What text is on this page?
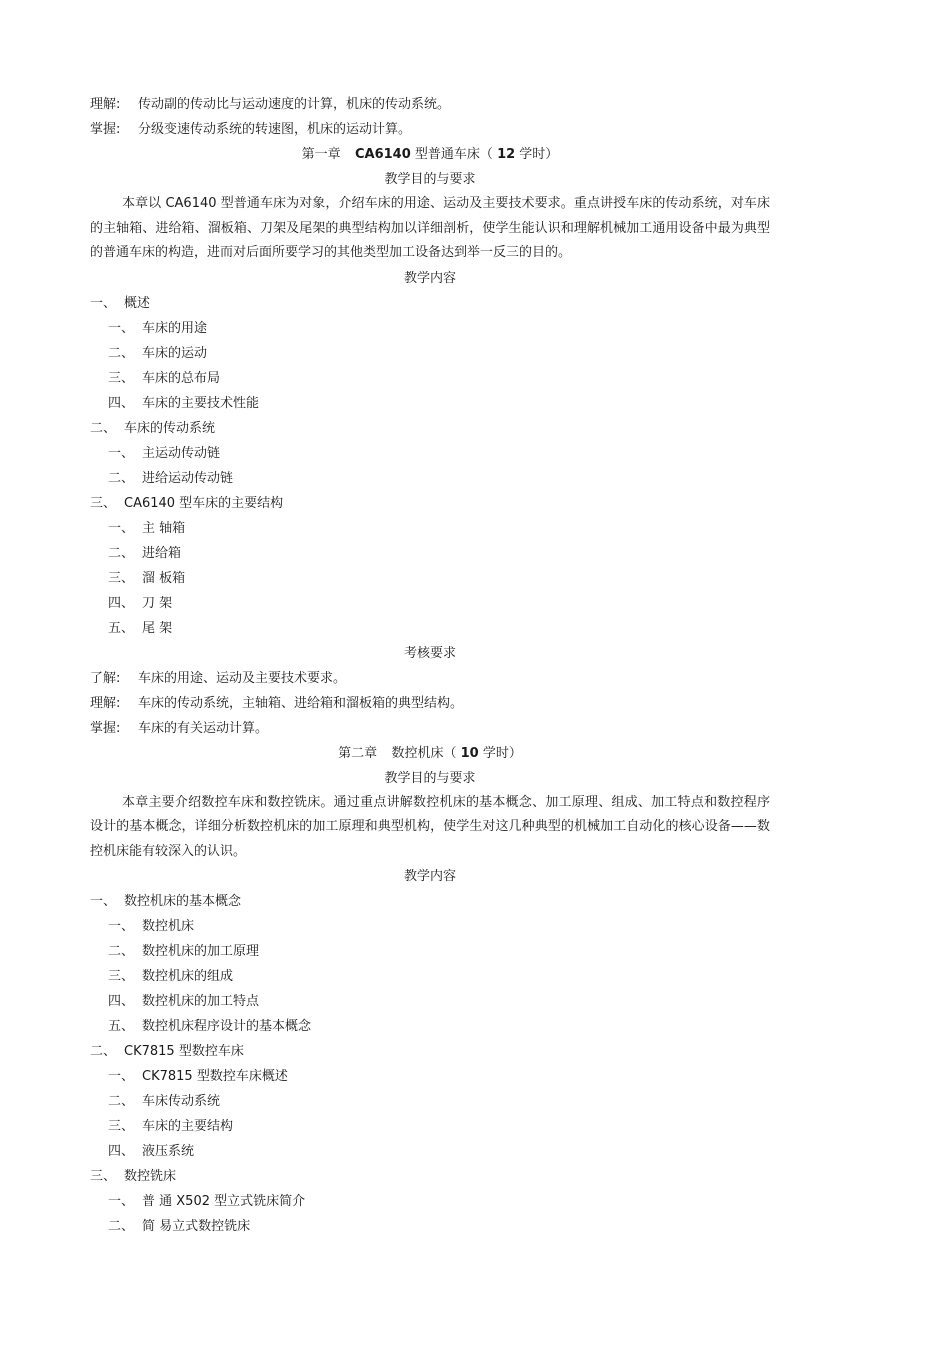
理解: 传动副的传动比与运动速度的计算，机床的传动系统。
掌握: 分级变速传动系统的转速图，机床的运动计算。
第一章 CA6140 型普通车床（ 12 学时）
教学目的与要求
本章以 CA6140 型普通车床为对象，介绍车床的用途、运动及主要技术要求。重点讲授车床的传动系统，对车床的主轴箱、进给箱、溜板箱、刀架及尾架的典型结构加以详细剖析，使学生能认识和理解机械加工通用设备中最为典型的普通车床的构造，进而对后面所要学习的其他类型加工设备达到举一反三的目的。
教学内容
一、 概述
一、 车床的用途
二、 车床的运动
三、 车床的总布局
四、 车床的主要技术性能
二、 车床的传动系统
一、 主运动传动链
二、 进给运动传动链
三、 CA6140 型车床的主要结构
一、 主 轴箱
二、 进给箱
三、 溜 板箱
四、 刀 架
五、 尾 架
考核要求
了解: 车床的用途、运动及主要技术要求。
理解: 车床的传动系统，主轴箱、进给箱和溜板箱的典型结构。
掌握: 车床的有关运动计算。
第二章 数控机床（ 10 学时）
教学目的与要求
本章主要介绍数控车床和数控铣床。通过重点讲解数控机床的基本概念、加工原理、组成、加工特点和数控程序设计的基本概念，详细分析数控机床的加工原理和典型机构，使学生对这几种典型的机械加工自动化的核心设备——数控机床能有较深入的认识。
教学内容
一、 数控机床的基本概念
一、 数控机床
二、 数控机床的加工原理
三、 数控机床的组成
四、 数控机床的加工特点
五、 数控机床程序设计的基本概念
二、 CK7815 型数控车床
一、 CK7815 型数控车床概述
二、 车床传动系统
三、 车床的主要结构
四、 液压系统
三、 数控铣床
一、 普 通 X502 型立式铣床简介
二、 简 易立式数控铣床
